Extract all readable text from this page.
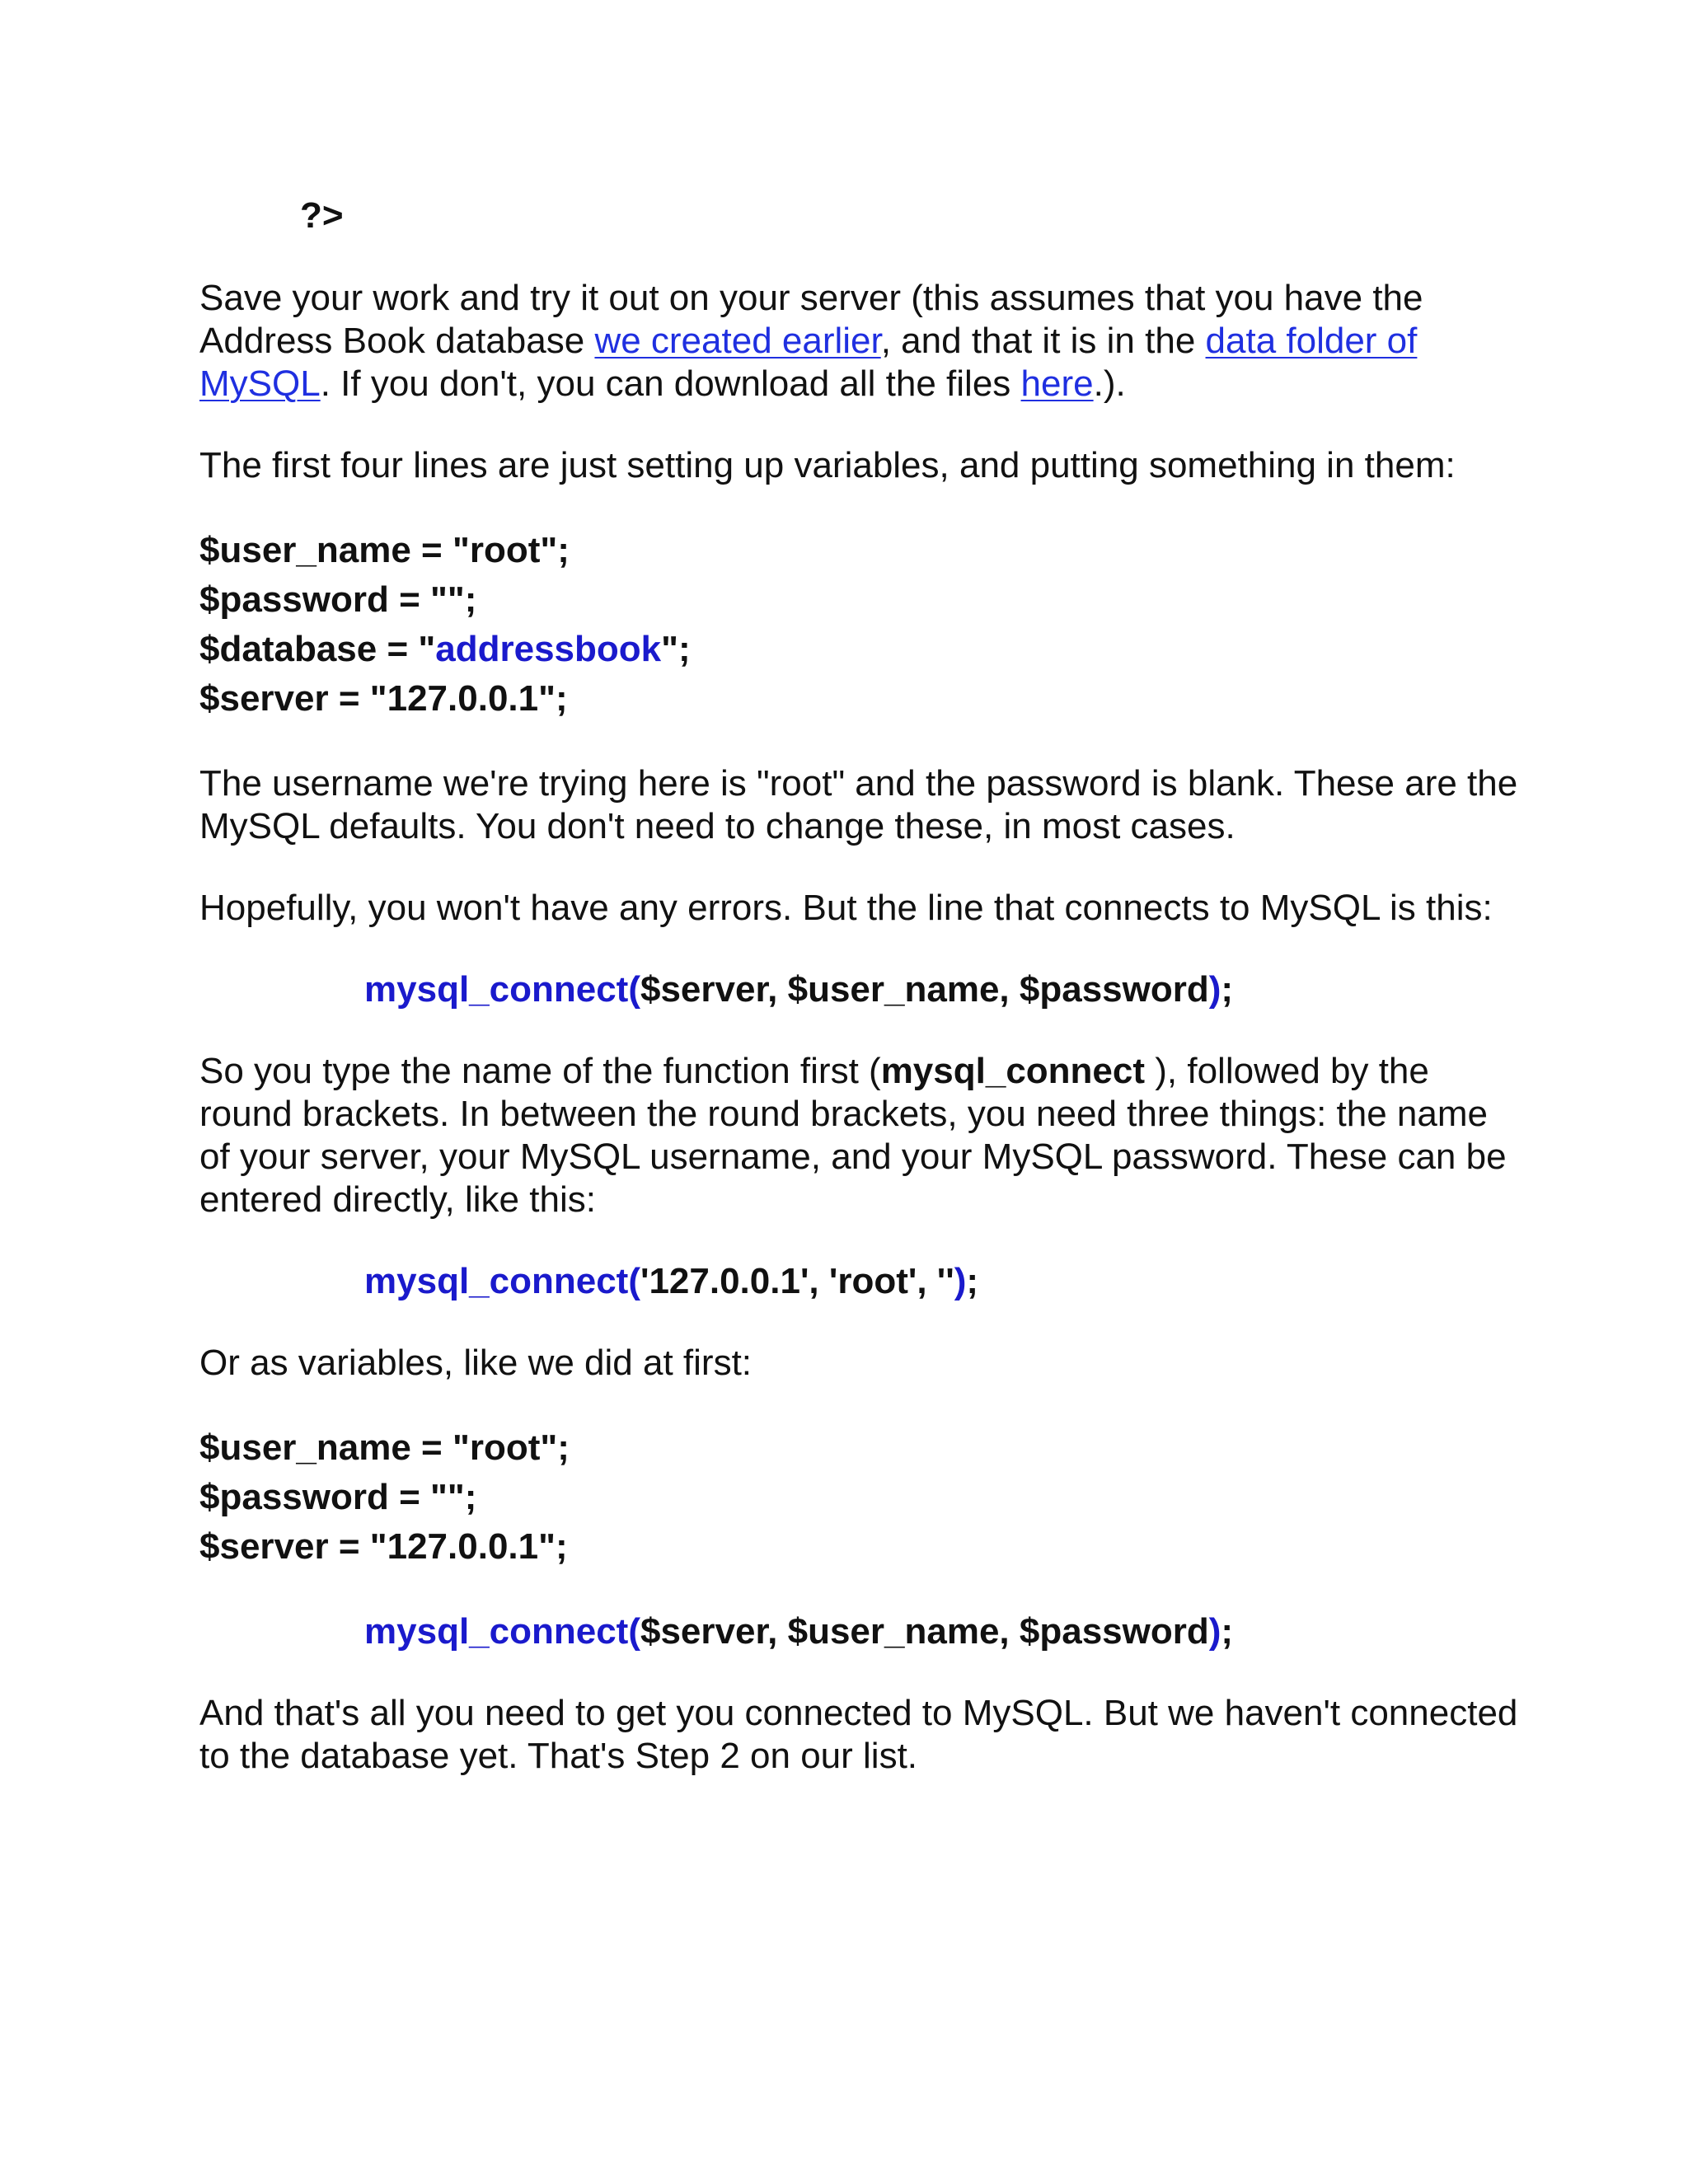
?>

Save your work and try it out on your server (this assumes that you have the Address Book database we created earlier, and that it is in the data folder of MySQL. If you don't, you can download all the files here.).

The first four lines are just setting up variables, and putting something in them:

$user_name = "root";
$password = "";
$database = "addressbook";
$server = "127.0.0.1";

The username we're trying here is "root" and the password is blank. These are the MySQL defaults. You don't need to change these, in most cases.

Hopefully, you won't have any errors. But the line that connects to MySQL is this:

mysql_connect($server, $user_name, $password);

So you type the name of the function first (mysql_connect ), followed by the round brackets. In between the round brackets, you need three things: the name of your server, your MySQL username, and your MySQL password. These can be entered directly, like this:

mysql_connect('127.0.0.1', 'root', '');

Or as variables, like we did at first:

$user_name = "root";
$password = "";
$server = "127.0.0.1";

mysql_connect($server, $user_name, $password);

And that's all you need to get you connected to MySQL. But we haven't connected to the database yet. That's Step 2 on our list.
